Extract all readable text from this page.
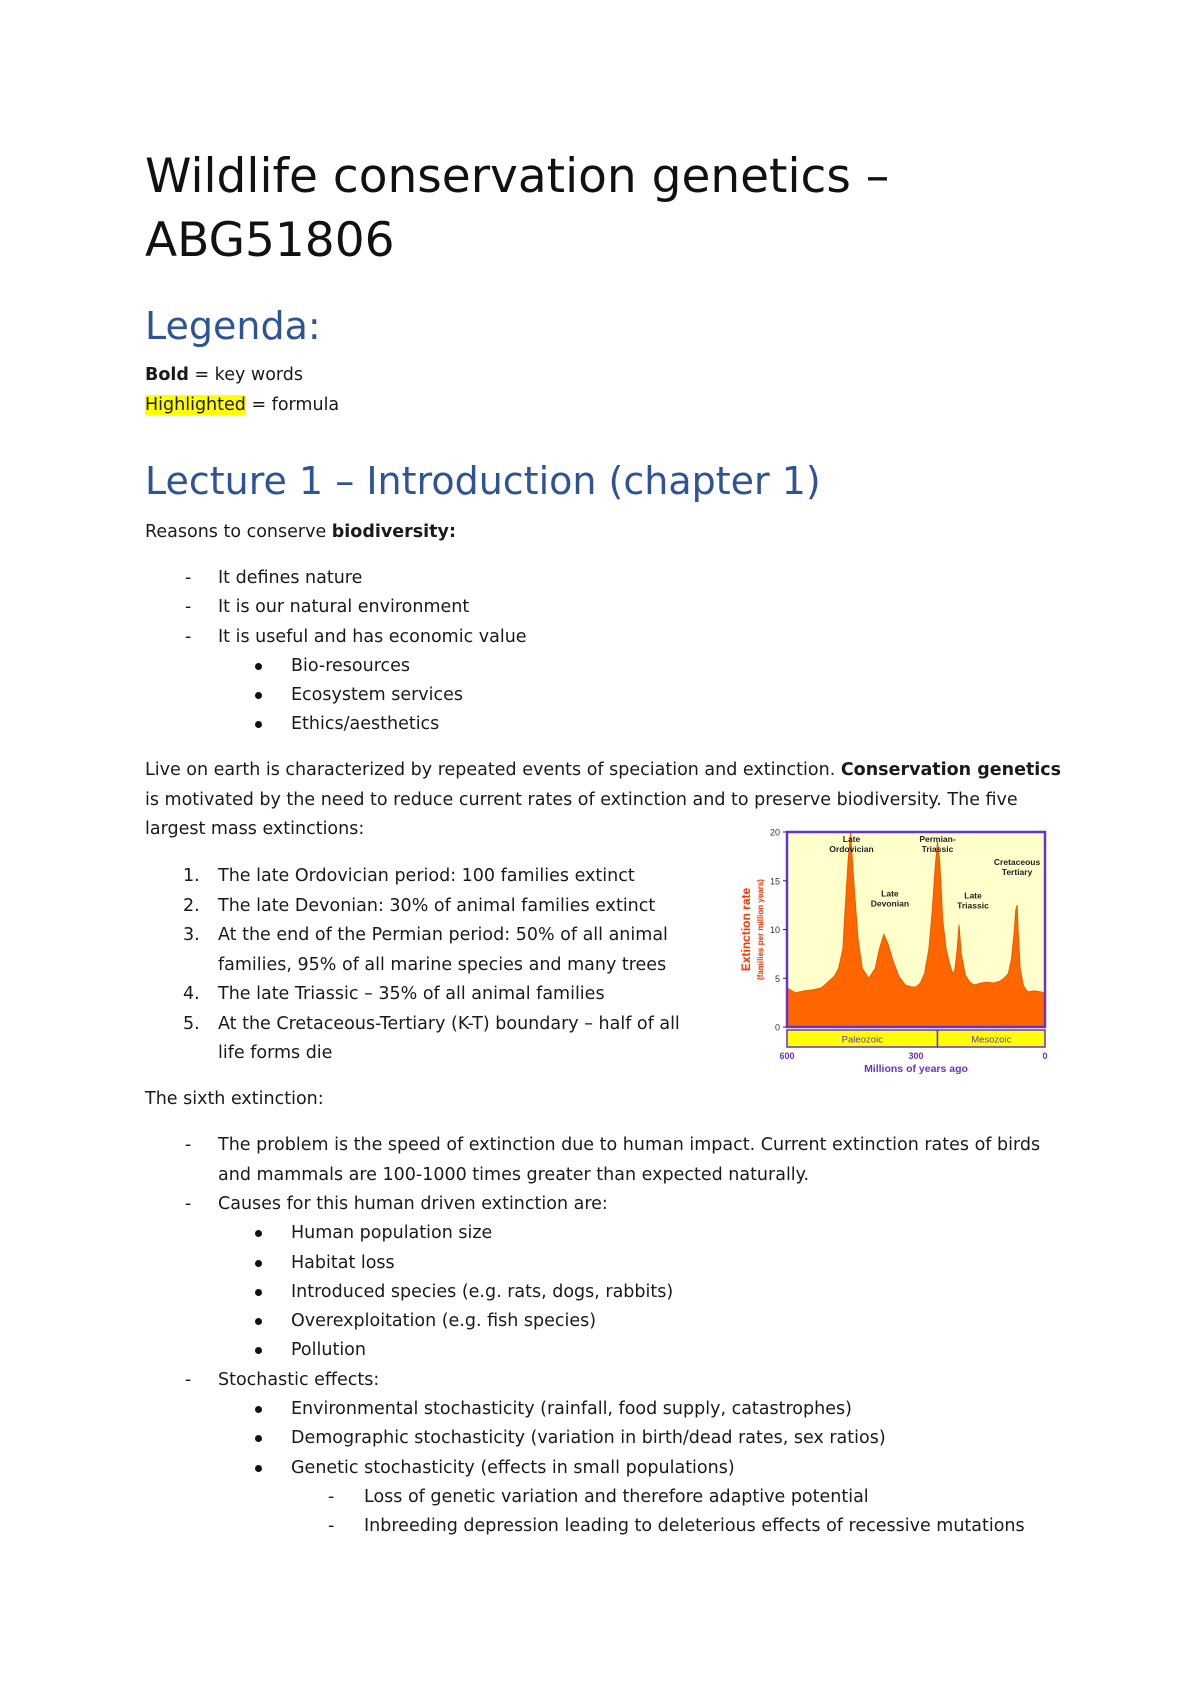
Wildlife conservation genetics – ABG51806
Legenda:
Bold = key words
Highlighted = formula
Lecture 1 – Introduction (chapter 1)
Reasons to conserve biodiversity:
- It defines nature
- It is our natural environment
- It is useful and has economic value
Bio-resources
Ecosystem services
Ethics/aesthetics

Live on earth is characterized by repeated events of speciation and extinction. Conservation genetics is motivated by the need to reduce current rates of extinction and to preserve biodiversity. The five largest mass extinctions:

1. The late Ordovician period: 100 families extinct
2. The late Devonian: 30% of animal families extinct
3. At the end of the Permian period: 50% of all animal families, 95% of all marine species and many trees
4. The late Triassic – 35% of all animal families
5. At the Cretaceous-Tertiary (K-T) boundary – half of all life forms die
Paleozoic	Mesozoic
20
15
10
5
0
600	300	0
Millions of years ago
Extinction rate (families per million years)
Late Ordovician
Late Devonian
Permian-Triassic
Late Triassic
Cretaceous Tertiary
The sixth extinction:
- The problem is the speed of extinction due to human impact. Current extinction rates of birds and mammals are 100-1000 times greater than expected naturally.
- Causes for this human driven extinction are:
Human population size
Habitat loss
Introduced species (e.g. rats, dogs, rabbits)
Overexploitation (e.g. fish species)
Pollution
- Stochastic effects:
Environmental stochasticity (rainfall, food supply, catastrophes)
Demographic stochasticity (variation in birth/dead rates, sex ratios)
Genetic stochasticity (effects in small populations)
- Loss of genetic variation and therefore adaptive potential
- Inbreeding depression leading to deleterious effects of recessive mutations
